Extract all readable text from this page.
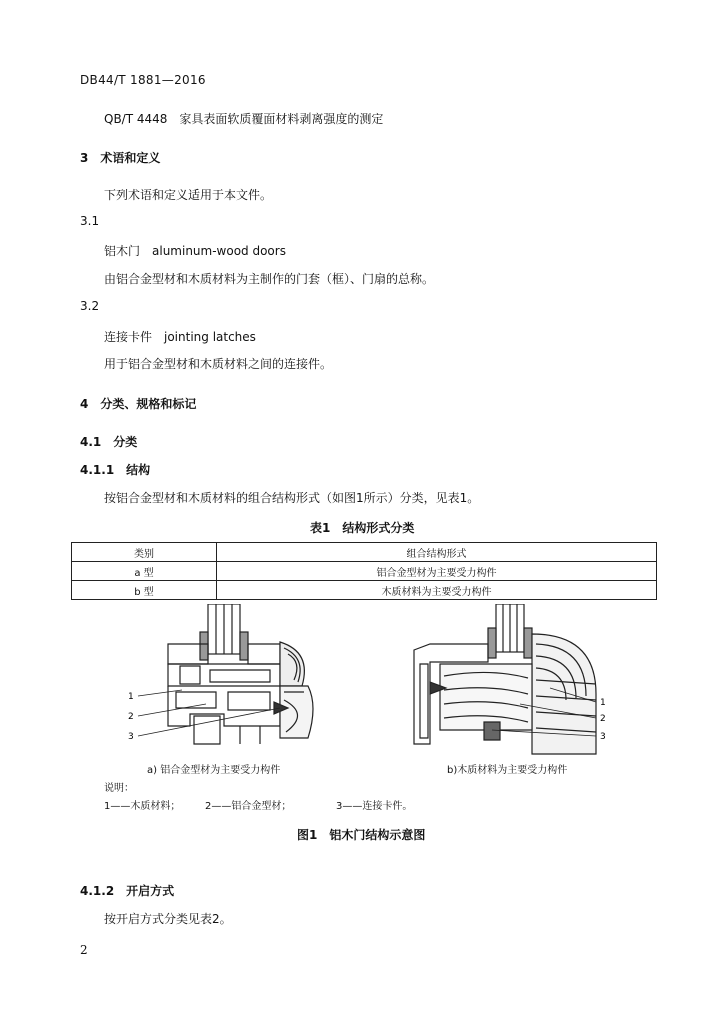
DB44/T 1881—2016
QB/T 4448　家具表面软质覆面材料剥离强度的测定
3　术语和定义
下列术语和定义适用于本文件。
3.1
铝木门　aluminum-wood doors
由铝合金型材和木质材料为主制作的门套（框）、门扇的总称。
3.2
连接卡件　jointing latches
用于铝合金型材和木质材料之间的连接件。
4　分类、规格和标记
4.1　分类
4.1.1　结构
按铝合金型材和木质材料的组合结构形式（如图1所示）分类，见表1。
表1　结构形式分类
类别	组合结构形式
a 型	铝合金型材为主要受力构件
b 型	木质材料为主要受力构件
1
2
3
1
2
3
a) 铝合金型材为主要受力构件	b)木质材料为主要受力构件
说明：
1——木质材料； 2——铝合金型材；	3——连接卡件。
图1　铝木门结构示意图
4.1.2　开启方式
按开启方式分类见表2。
2
